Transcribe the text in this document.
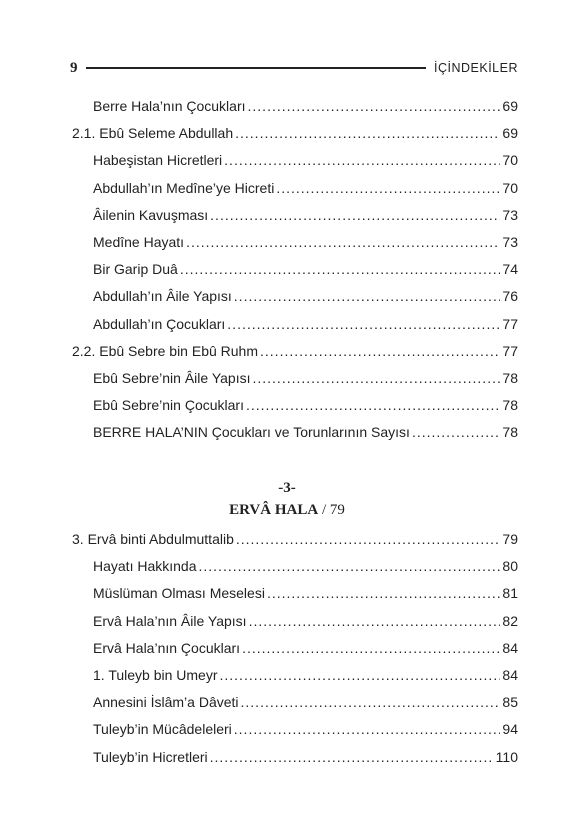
9	İÇİNDEKİLER
Berre Hala’nın Çocukları .....	69
2.1. Ebû Seleme Abdullah .....	69
Habeşistan Hicretleri .....	70
Abdullah’ın Medîne’ye Hicreti .....	70
Âilenin Kavuşması .....	73
Medîne Hayatı .....	73
Bir Garip Duâ .....	74
Abdullah’ın Âile Yapısı .....	76
Abdullah’ın Çocukları .....	77
2.2. Ebû Sebre bin Ebû Ruhm .....	77
Ebû Sebre’nin Âile Yapısı .....	78
Ebû Sebre’nin Çocukları .....	78
BERRE HALA’NIN Çocukları ve Torunlarının Sayısı .....	78
-3-
ERVÂ HALA / 79
3. Ervâ binti Abdulmuttalib .....	79
Hayatı Hakkında .....	80
Müslüman Olması Meselesi .....	81
Ervâ Hala’nın Âile Yapısı .....	82
Ervâ Hala’nın Çocukları .....	84
1. Tuleyb bin Umeyr .....	84
Annesini İslâm’a Dâveti .....	85
Tuleyb’in Mücâdeleleri .....	94
Tuleyb’in Hicretleri .....	110
